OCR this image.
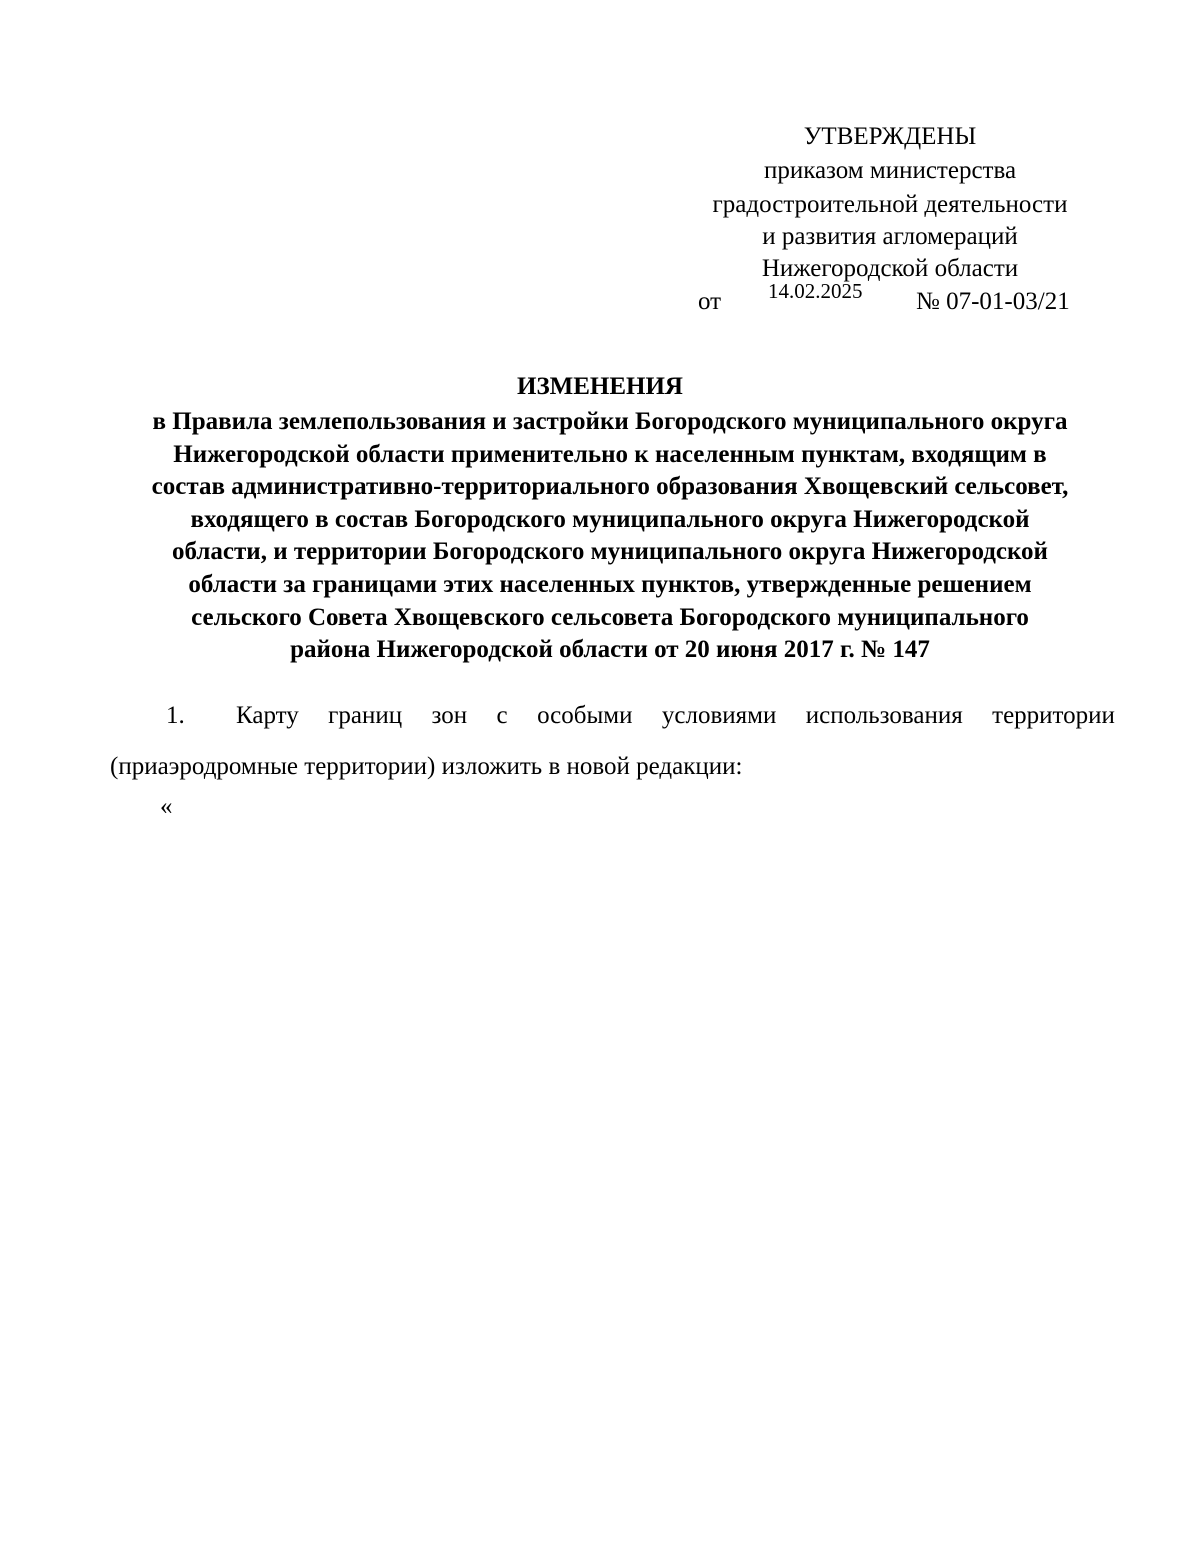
УТВЕРЖДЕНЫ
приказом министерства
градостроительной деятельности
и развития агломераций
Нижегородской области
от 14.02.2025 № 07-01-03/21
ИЗМЕНЕНИЯ
в Правила землепользования и застройки Богородского муниципального округа
Нижегородской области применительно к населенным пунктам, входящим в
состав административно-территориального образования Хвощевский сельсовет,
входящего в состав Богородского муниципального округа Нижегородской
области, и территории Богородского муниципального округа Нижегородской
области за границами этих населенных пунктов, утвержденные решением
сельского Совета Хвощевского сельсовета Богородского муниципального
района Нижегородской области от 20 июня 2017 г. № 147
1.	Карту границ зон с особыми условиями использования территории
(приаэродромные территории) изложить в новой редакции:
«
